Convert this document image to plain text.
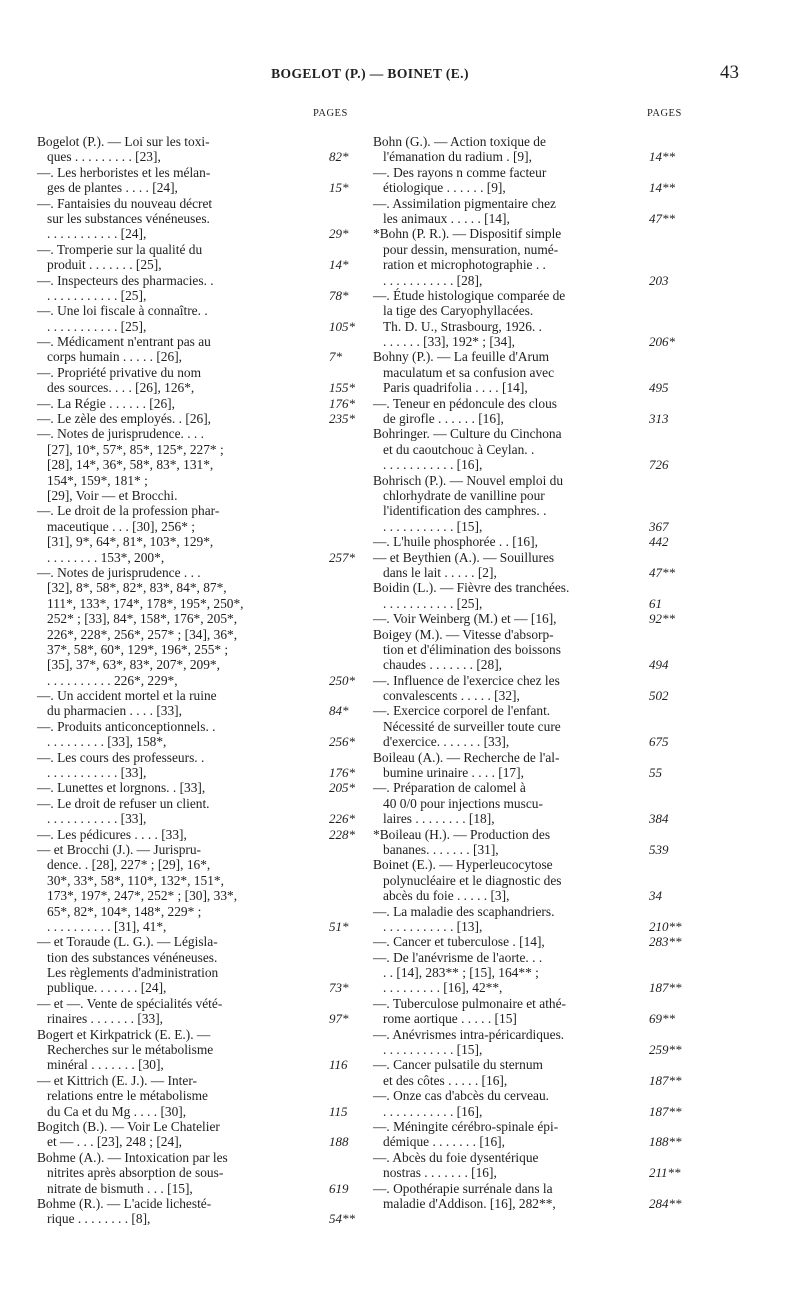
BOGELOT (P.) — BOINET (E.)	43
PAGES
Bogelot (P.). — Loi sur les toxi-
ques . . . . . . . . . [23],	82*
—. Les herboristes et les mélan-
ges de plantes . . . . [24],	15*
—. Fantaisies du nouveau décret
sur les substances vénéneuses.
. . . . . . . . . . . [24],	29*
—. Tromperie sur la qualité du
produit . . . . . . . [25],	14*
—. Inspecteurs des pharmacies. .
. . . . . . . . . . . [25],	78*
—. Une loi fiscale à connaître. .
. . . . . . . . . . . [25],	105*
—. Médicament n'entrant pas au
corps humain . . . . . [26],	7*
—. Propriété privative du nom
des sources. . . . [26], 126*,	155*
—. La Régie . . . . . . [26],	176*
—. Le zèle des employés. . [26],	235*
—. Notes de jurisprudence. . . .
[27], 10*, 57*, 85*, 125*, 227* ;
[28], 14*, 36*, 58*, 83*, 131*,
154*, 159*, 181* ;
[29], Voir — et Brocchi.
—. Le droit de la profession phar-
maceutique . . . [30], 256* ;
[31], 9*, 64*, 81*, 103*, 129*,
. . . . . . . . 153*, 200*,	257*
—. Notes de jurisprudence . . .
[32], 8*, 58*, 82*, 83*, 84*, 87*,
111*, 133*, 174*, 178*, 195*, 250*,
252* ; [33], 84*, 158*, 176*, 205*,
226*, 228*, 256*, 257* ; [34], 36*,
37*, 58*, 60*, 129*, 196*, 255* ;
[35], 37*, 63*, 83*, 207*, 209*,
. . . . . . . . . . 226*, 229*,	250*
—. Un accident mortel et la ruine
du pharmacien . . . . [33],	84*
—. Produits anticonceptionnels. .
. . . . . . . . . [33], 158*,	256*
—. Les cours des professeurs. .
. . . . . . . . . . . [33],	176*
—. Lunettes et lorgnons. . [33],	205*
—. Le droit de refuser un client.
. . . . . . . . . . . [33],	226*
—. Les pédicures . . . . [33],	228*
— et Brocchi (J.). — Jurispru-
dence. . [28], 227* ; [29], 16*,
30*, 33*, 58*, 110*, 132*, 151*,
173*, 197*, 247*, 252* ; [30], 33*,
65*, 82*, 104*, 148*, 229* ;
. . . . . . . . . . [31], 41*,	51*
— et Toraude (L. G.). — Législa-
tion des substances vénéneuses.
Les règlements d'administration
publique. . . . . . . [24],	73*
— et —. Vente de spécialités vété-
rinaires . . . . . . . [33],	97*
Bogert et Kirkpatrick (E. E.). —
Recherches sur le métabolisme
minéral . . . . . . . [30],	116
— et Kittrich (E. J.). — Inter-
relations entre le métabolisme
du Ca et du Mg . . . . [30],	115
Bogitch (B.). — Voir Le Chatelier
et — . . . [23], 248 ; [24],	188
Bohme (A.). — Intoxication par les
nitrites après absorption de sous-
nitrate de bismuth . . . [15],	619
Bohme (R.). — L'acide lichesté-
rique . . . . . . . . [8],	54**
PAGES
Bohn (G.). — Action toxique de
l'émanation du radium . [9],	14**
—. Des rayons n comme facteur
étiologique . . . . . . [9],	14**
—. Assimilation pigmentaire chez
les animaux . . . . . [14],	47**
*Bohn (P. R.). — Dispositif simple
pour dessin, mensuration, numé-
ration et microphotographie . .
. . . . . . . . . . . [28],	203
—. Étude histologique comparée de
la tige des Caryophyllacées.
Th. D. U., Strasbourg, 1926. .
. . . . . . [33], 192* ; [34],	206*
Bohny (P.). — La feuille d'Arum
maculatum et sa confusion avec
Paris quadrifolia . . . . [14],	495
—. Teneur en pédoncule des clous
de girofle . . . . . . [16],	313
Bohringer. — Culture du Cinchona
et du caoutchouc à Ceylan. .
. . . . . . . . . . . [16],	726
Bohrisch (P.). — Nouvel emploi du
chlorhydrate de vanilline pour
l'identification des camphres. .
. . . . . . . . . . . [15],	367
—. L'huile phosphorée . . [16],	442
— et Beythien (A.). — Souillures
dans le lait . . . . . [2],	47**
Boidin (L.). — Fièvre des tranchées.
. . . . . . . . . . . [25],	61
—. Voir Weinberg (M.) et — [16],	92**
Boigey (M.). — Vitesse d'absorp-
tion et d'élimination des boissons
chaudes . . . . . . . [28],	494
—. Influence de l'exercice chez les
convalescents . . . . . [32],	502
—. Exercice corporel de l'enfant.
Nécessité de surveiller toute cure
d'exercice. . . . . . . [33],	675
Boileau (A.). — Recherche de l'al-
bumine urinaire . . . . [17],	55
—. Préparation de calomel à
40 0/0 pour injections muscu-
laires . . . . . . . . [18],	384
*Boileau (H.). — Production des
bananes. . . . . . . [31],	539
Boinet (E.). — Hyperleucocytose
polynucléaire et le diagnostic des
abcès du foie . . . . . [3],	34
—. La maladie des scaphandriers.
. . . . . . . . . . . [13],	210**
—. Cancer et tuberculose . [14],	283**
—. De l'anévrisme de l'aorte. . .
. . [14], 283** ; [15], 164** ;
. . . . . . . . . [16], 42**,	187**
—. Tuberculose pulmonaire et athé-
rome aortique . . . . . [15]	69**
—. Anévrismes intra-péricardiques.
. . . . . . . . . . . [15],	259**
—. Cancer pulsatile du sternum
et des côtes . . . . . [16],	187**
—. Onze cas d'abcès du cerveau.
. . . . . . . . . . . [16],	187**
—. Méningite cérébro-spinale épi-
démique . . . . . . . [16],	188**
—. Abcès du foie dysentérique
nostras . . . . . . . [16],	211**
—. Opothérapie surrénale dans la
maladie d'Addison. [16], 282**,	284**
